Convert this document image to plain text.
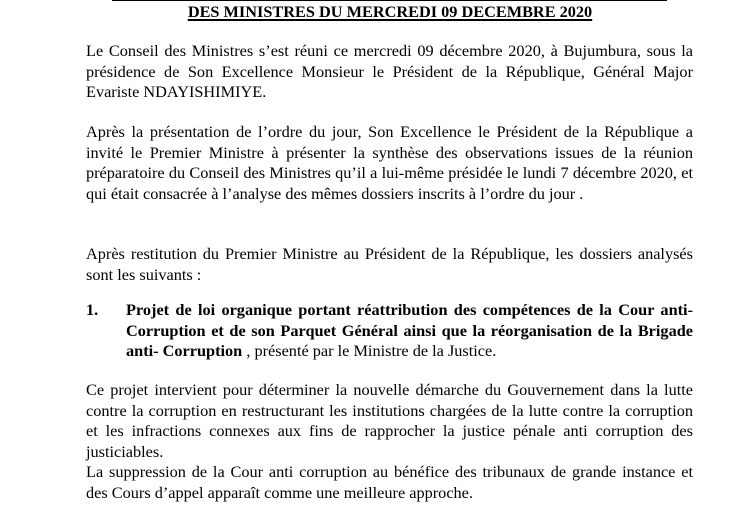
DES MINISTRES DU MERCREDI 09 DECEMBRE 2020

Le Conseil des Ministres s’est réuni ce mercredi 09 décembre 2020, à Bujumbura, sous la présidence de Son Excellence Monsieur le Président de la République, Général Major Evariste NDAYISHIMIYE.

Après la présentation de l’ordre du jour, Son Excellence le Président de la République a invité le Premier Ministre à présenter la synthèse des observations issues de la réunion préparatoire du Conseil des Ministres qu’il a lui-même présidée le lundi 7 décembre 2020, et qui était consacrée à l’analyse des mêmes dossiers inscrits à l’ordre du jour .

Après restitution du Premier Ministre au Président de la République, les dossiers analysés sont les suivants :

1. Projet de loi organique portant réattribution des compétences de la Cour anti- Corruption et de son Parquet Général ainsi que la réorganisation de la Brigade anti- Corruption , présenté par le Ministre de la Justice.

Ce projet intervient pour déterminer la nouvelle démarche du Gouvernement dans la lutte contre la corruption en restructurant les institutions chargées de la lutte contre la corruption et les infractions connexes aux fins de rapprocher la justice pénale anti corruption des justiciables.

La suppression de la Cour anti corruption au bénéfice des tribunaux de grande instance et des Cours d’appel apparaît comme une meilleure approche.
